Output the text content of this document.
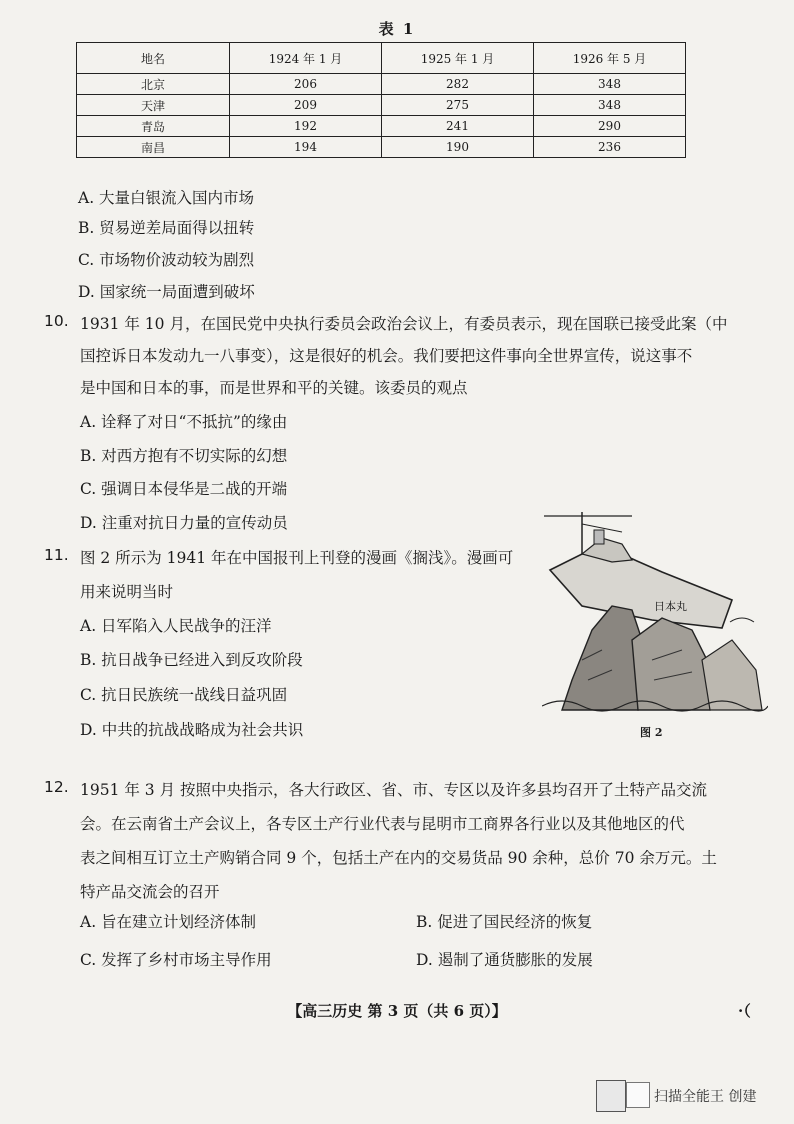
表 1
地名	1924 年 1 月	1925 年 1 月	1926 年 5 月
北京	206	282	348
天津	209	275	348
青岛	192	241	290
南昌	194	190	236
A. 大量白银流入国内市场
B. 贸易逆差局面得以扭转
C. 市场物价波动较为剧烈
D. 国家统一局面遭到破坏
10. 1931 年 10 月，在国民党中央执行委员会政治会议上，有委员表示，现在国联已接受此案（中
国控诉日本发动九一八事变），这是很好的机会。我们要把这件事向全世界宣传，说这事不
是中国和日本的事，而是世界和平的关键。该委员的观点
A. 诠释了对日“不抵抗”的缘由
B. 对西方抱有不切实际的幻想
C. 强调日本侵华是二战的开端
D. 注重对抗日力量的宣传动员
11. 图 2 所示为 1941 年在中国报刊上刊登的漫画《搁浅》。漫画可
用来说明当时
A. 日军陷入人民战争的汪洋
B. 抗日战争已经进入到反攻阶段
C. 抗日民族统一战线日益巩固
D. 中共的抗战战略成为社会共识
日本丸
图 2
12. 1951 年 3 月 按照中央指示，各大行政区、省、市、专区以及许多县均召开了土特产品交流
会。在云南省土产会议上，各专区土产行业代表与昆明市工商界各行业以及其他地区的代
表之间相互订立土产购销合同 9 个，包括土产在内的交易货品 90 余种，总价 70 余万元。土
特产品交流会的召开
A. 旨在建立计划经济体制	B. 促进了国民经济的恢复
C. 发挥了乡村市场主导作用	D. 遏制了通货膨胀的发展
【高三历史 第 3 页（共 6 页）】	·（
扫描全能王 创建
